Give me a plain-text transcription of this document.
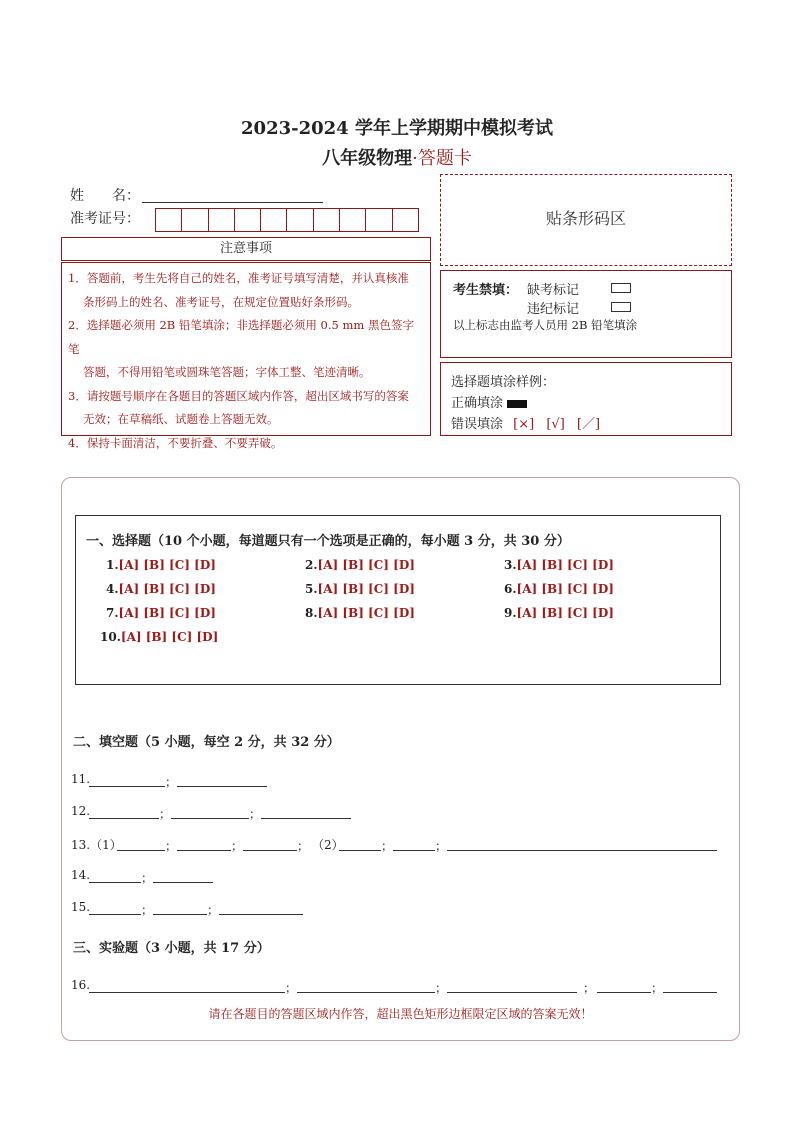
2023-2024 学年上学期期中模拟考试
八年级物理·答题卡
姓　　名：
准考证号：
注意事项

1．答题前，考生先将自己的姓名，准考证号填写清楚，并认真核准

条形码上的姓名、准考证号，在规定位置贴好条形码。

2．选择题必须用 2B 铅笔填涂；非选择题必须用 0.5 mm 黑色签字笔

答题，不得用铅笔或圆珠笔答题；字体工整、笔迹清晰。

3．请按题号顺序在各题目的答题区域内作答，超出区域书写的答案

无效；在草稿纸、试题卷上答题无效。

4．保持卡面清洁，不要折叠、不要弄破。

贴条形码区
考生禁填： 缺考标记
违纪标记
以上标志由监考人员用 2B 铅笔填涂
选择题填涂样例：
正确填涂
错误填涂 [×] [√] [／]
一、选择题（10 个小题，每道题只有一个选项是正确的，每小题 3 分，共 30 分）
1.[A] [B] [C] [D]	2.[A] [B] [C] [D]	3.[A] [B] [C] [D]
4.[A] [B] [C] [D]	5.[A] [B] [C] [D]	6.[A] [B] [C] [D]
7.[A] [B] [C] [D]	8.[A] [B] [C] [D]	9.[A] [B] [C] [D]
10.[A] [B] [C] [D]
二、填空题（5 小题，每空 2 分，共 32 分）
11.	；
12.	；	；
13.（1）	；	；	； （2）	；	；
14.	；
15.	；	；
三、实验题（3 小题，共 17 分）
16.	；	；	；	；
请在各题目的答题区域内作答，超出黑色矩形边框限定区域的答案无效！
